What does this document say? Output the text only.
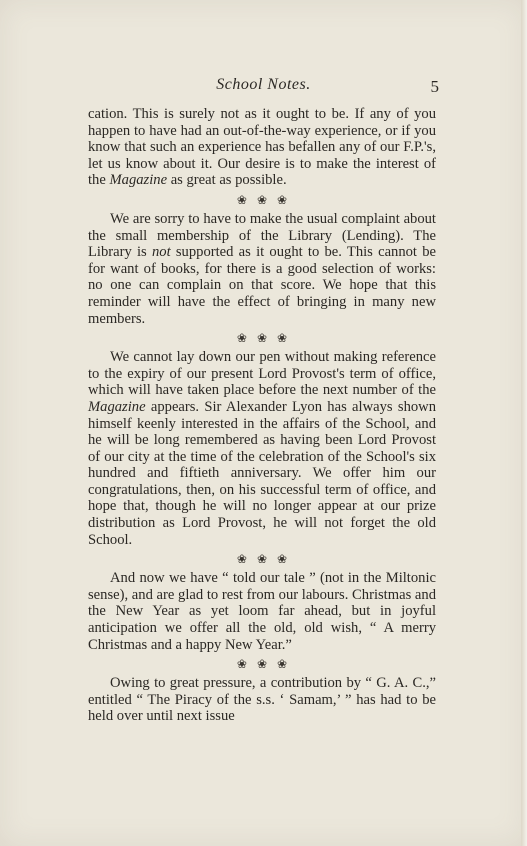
School Notes.	5

cation. This is surely not as it ought to be. If any of you happen to have had an out-of-the-way experience, or if you know that such an experience has befallen any of our F.P.'s, let us know about it. Our desire is to make the interest of the Magazine as great as possible.

❀❀❀

We are sorry to have to make the usual complaint about the small membership of the Library (Lending). The Library is not supported as it ought to be. This cannot be for want of books, for there is a good selection of works: no one can complain on that score. We hope that this reminder will have the effect of bringing in many new members.

❀❀❀

We cannot lay down our pen without making reference to the expiry of our present Lord Provost's term of office, which will have taken place before the next number of the Magazine appears. Sir Alexander Lyon has always shown himself keenly interested in the affairs of the School, and he will be long remembered as having been Lord Provost of our city at the time of the celebration of the School's six hundred and fiftieth anniversary. We offer him our congratulations, then, on his successful term of office, and hope that, though he will no longer appear at our prize distribution as Lord Provost, he will not forget the old School.

❀❀❀

And now we have “ told our tale ” (not in the Miltonic sense), and are glad to rest from our labours. Christmas and the New Year as yet loom far ahead, but in joyful anticipation we offer all the old, old wish, “ A merry Christmas and a happy New Year.”

❀❀❀

Owing to great pressure, a contribution by “ G. A. C.,” entitled “ The Piracy of the s.s. ‘ Samam,’ ” has had to be held over until next issue
